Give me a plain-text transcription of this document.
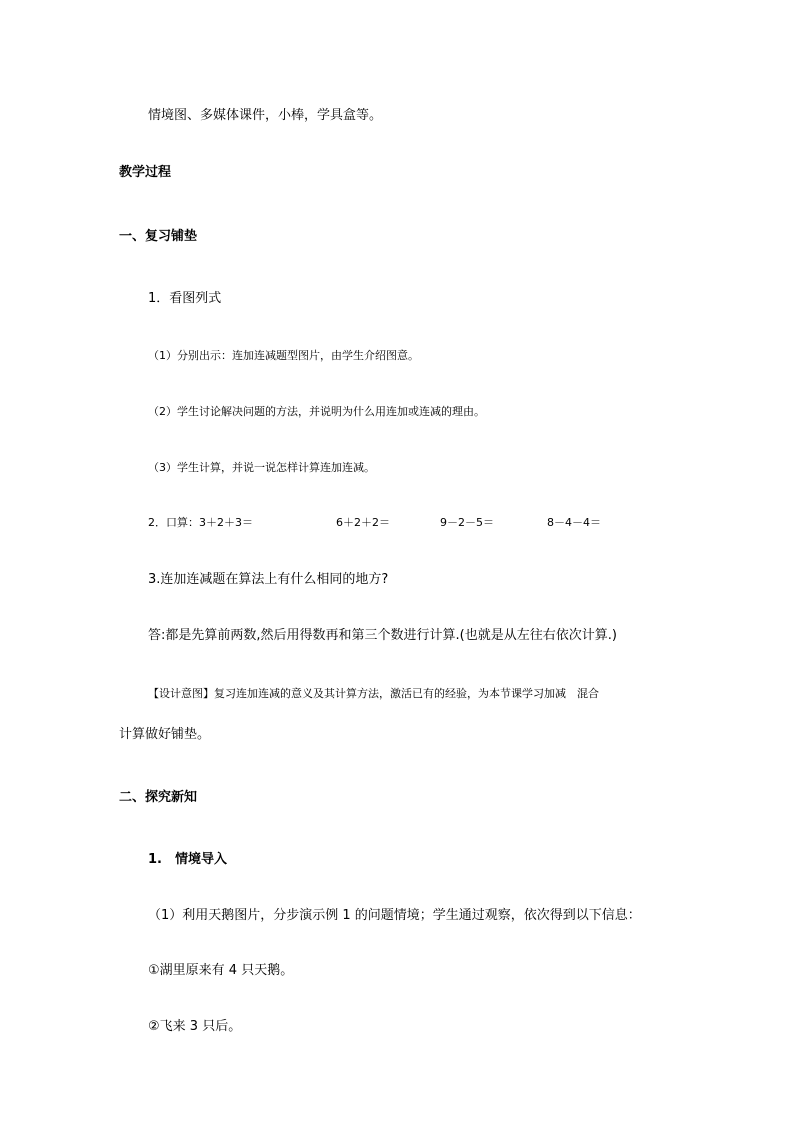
情境图、多媒体课件，小棒，学具盒等。
教学过程
一、复习铺垫
1．看图列式
（1）分别出示：连加连减题型图片，由学生介绍图意。
（2）学生讨论解决问题的方法，并说明为什么用连加或连减的理由。
（3）学生计算，并说一说怎样计算连加连减。
2．口算：3＋2＋3＝	6＋2＋2＝	9－2－5＝	8－4－4＝
3.连加连减题在算法上有什么相同的地方?
答:都是先算前两数,然后用得数再和第三个数进行计算.(也就是从左往右依次计算.)
【设计意图】复习连加连减的意义及其计算方法，激活已有的经验，为本节课学习加减　混合
计算做好铺垫。
二、探究新知
1.　情境导入
（1）利用天鹅图片，分步演示例 1 的问题情境；学生通过观察，依次得到以下信息：
①湖里原来有 4 只天鹅。
②飞来 3 只后。
